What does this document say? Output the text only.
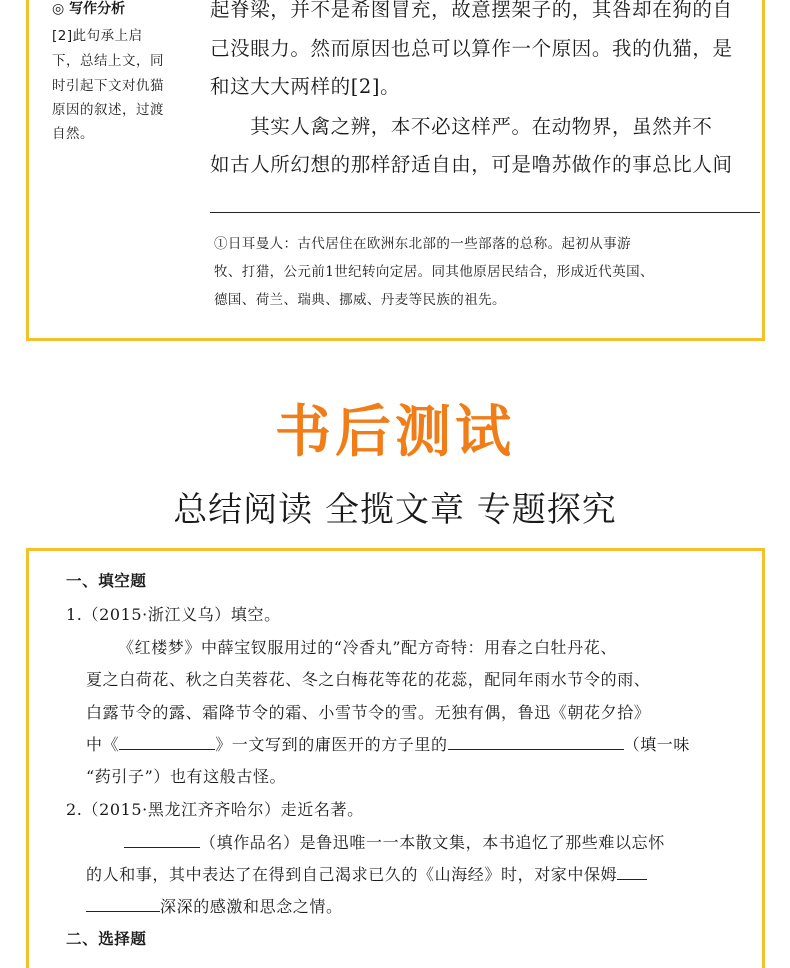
◎ 写作分析
[2]此句承上启
下，总结上文，同
时引起下文对仇猫
原因的叙述，过渡
自然。
起脊梁，并不是希图冒充，故意摆架子的，其咎却在狗的自
己没眼力。然而原因也总可以算作一个原因。我的仇猫，是
和这大大两样的[2]。
　　其实人禽之辨，本不必这样严。在动物界，虽然并不
如古人所幻想的那样舒适自由，可是噜苏做作的事总比人间
①日耳曼人：古代居住在欧洲东北部的一些部落的总称。起初从事游
牧、打猎，公元前1世纪转向定居。同其他原居民结合，形成近代英国、
德国、荷兰、瑞典、挪威、丹麦等民族的祖先。
书后测试
总结阅读 全揽文章 专题探究
一、填空题
1.（2015·浙江义乌）填空。
《红楼梦》中薛宝钗服用过的“冷香丸”配方奇特：用春之白牡丹花、
夏之白荷花、秋之白芙蓉花、冬之白梅花等花的花蕊，配同年雨水节令的雨、
白露节令的露、霜降节令的霜、小雪节令的雪。无独有偶，鲁迅《朝花夕拾》
中《	》一文写到的庸医开的方子里的	（填一味
“药引子”）也有这般古怪。
2.（2015·黑龙江齐齐哈尔）走近名著。
（填作品名）是鲁迅唯一一本散文集，本书追忆了那些难以忘怀
的人和事，其中表达了在得到自己渴求已久的《山海经》时，对家中保姆
深深的感激和思念之情。
二、选择题
